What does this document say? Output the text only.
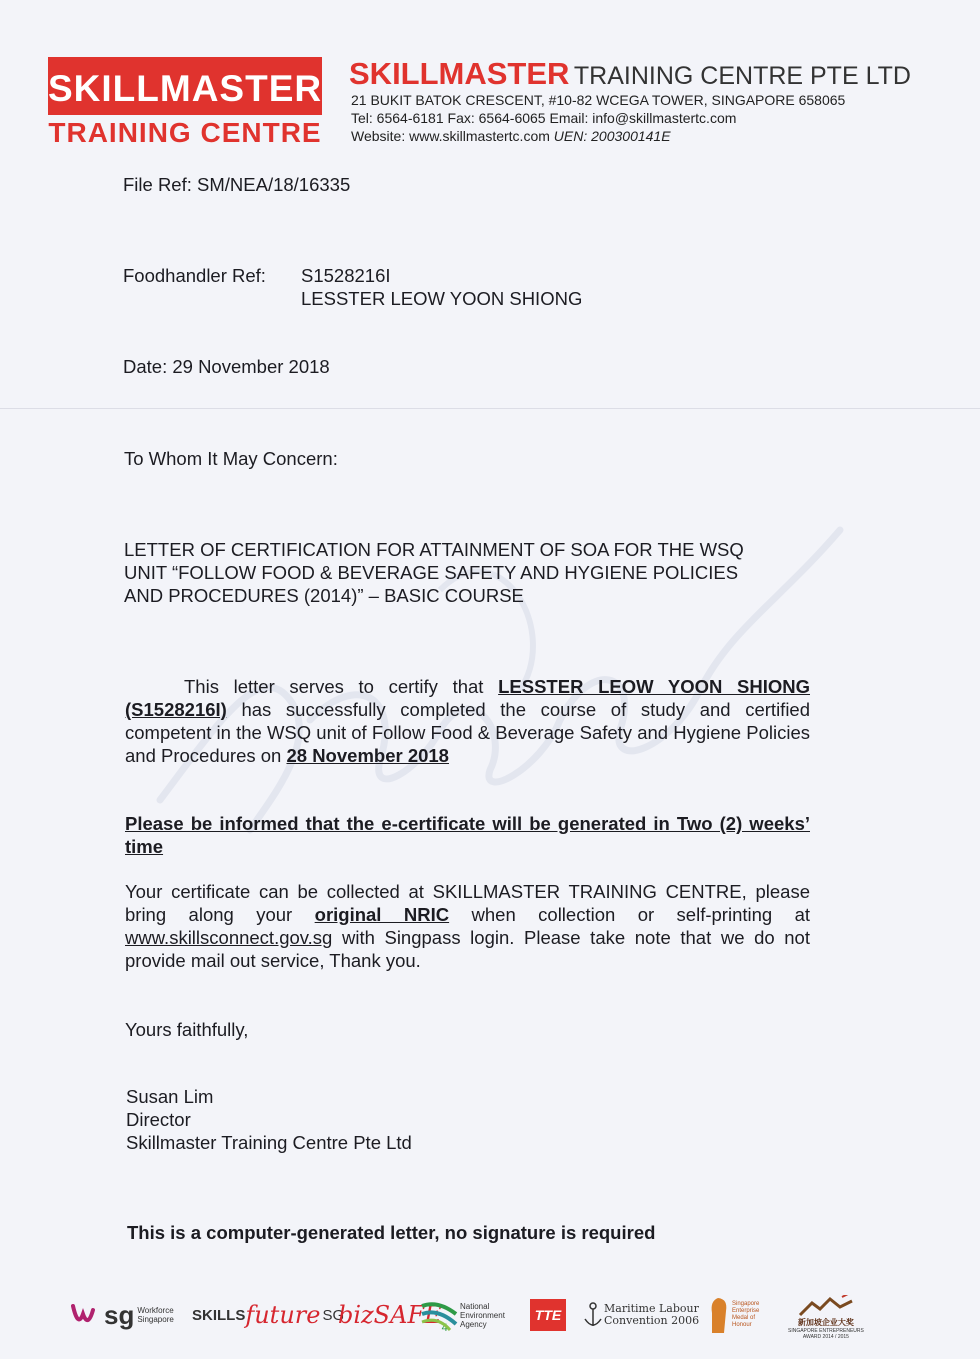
SKILLMASTER
TRAINING CENTRE
SKILLMASTER TRAINING CENTRE PTE LTD
21 BUKIT BATOK CRESCENT, #10-82 WCEGA TOWER, SINGAPORE 658065
Tel: 6564-6181 Fax: 6564-6065 Email: info@skillmastertc.com
Website: www.skillmastertc.com UEN: 200300141E
File Ref: SM/NEA/18/16335
Foodhandler Ref: S1528216I
LESSTER LEOW YOON SHIONG
Date: 29 November 2018
To Whom It May Concern:
LETTER OF CERTIFICATION FOR ATTAINMENT OF SOA FOR THE WSQ
UNIT “FOLLOW FOOD & BEVERAGE SAFETY AND HYGIENE POLICIES
AND PROCEDURES (2014)” – BASIC COURSE
This letter serves to certify that LESSTER LEOW YOON SHIONG (S1528216I) has successfully completed the course of study and certified competent in the WSQ unit of Follow Food & Beverage Safety and Hygiene Policies and Procedures on 28 November 2018
Please be informed that the e-certificate will be generated in Two (2) weeks’ time
Your certificate can be collected at SKILLMASTER TRAINING CENTRE, please bring along your original NRIC when collection or self-printing at www.skillsconnect.gov.sg with Singpass login. Please take note that we do not provide mail out service, Thank you.
Yours faithfully,
Susan Lim
Director
Skillmaster Training Centre Pte Ltd
This is a computer-generated letter, no signature is required
sg Workforce
Singapore SKILLS future SG
bizSAFE 4
National
Environment
Agency
TTE	Maritime Labour
Convention 2006
Singapore
Enterprise
Medal of
Honour	新加坡企业大奖
SINGAPORE ENTREPRENEURS
AWARD 2014 / 2015
